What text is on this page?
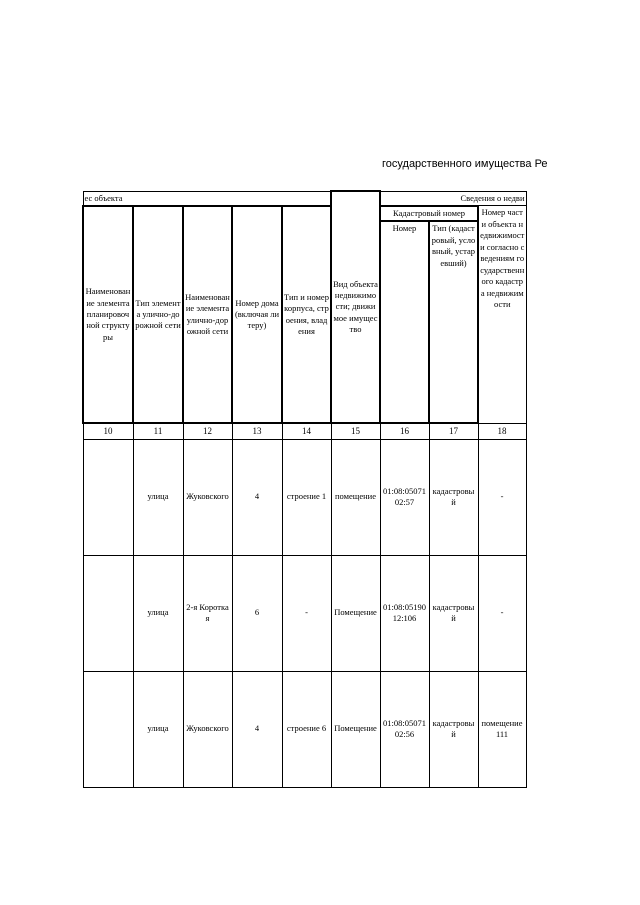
государственного имущества Ре
ес объекта					Вид объекта недвижимости; движимое имущество	Сведения о недви		
Наименование элемента планировочной структуры	Тип элемента улично-дорожной сети	Наименование элемента улично-дорожной сети	Номер дома (включая литеру)	Тип и номер корпуса, строения, владения		Кадастровый номер		Номер части объекта недвижимости согласно сведениям государственного кадастра недвижимости
						Номер	Тип (кадастровый, условный, устаревший)	
10	11	12	13	14	15	16	17	18
	улица	Жуковского	4	строение 1	помещение	01:08:0507102:57	кадастровый	-
	улица	2-я Короткая	6	-	Помещение	01:08:0519012:106	кадастровый	-
	улица	Жуковского	4	строение 6	Помещение	01:08:0507102:56	кадастровый	помещение 111
